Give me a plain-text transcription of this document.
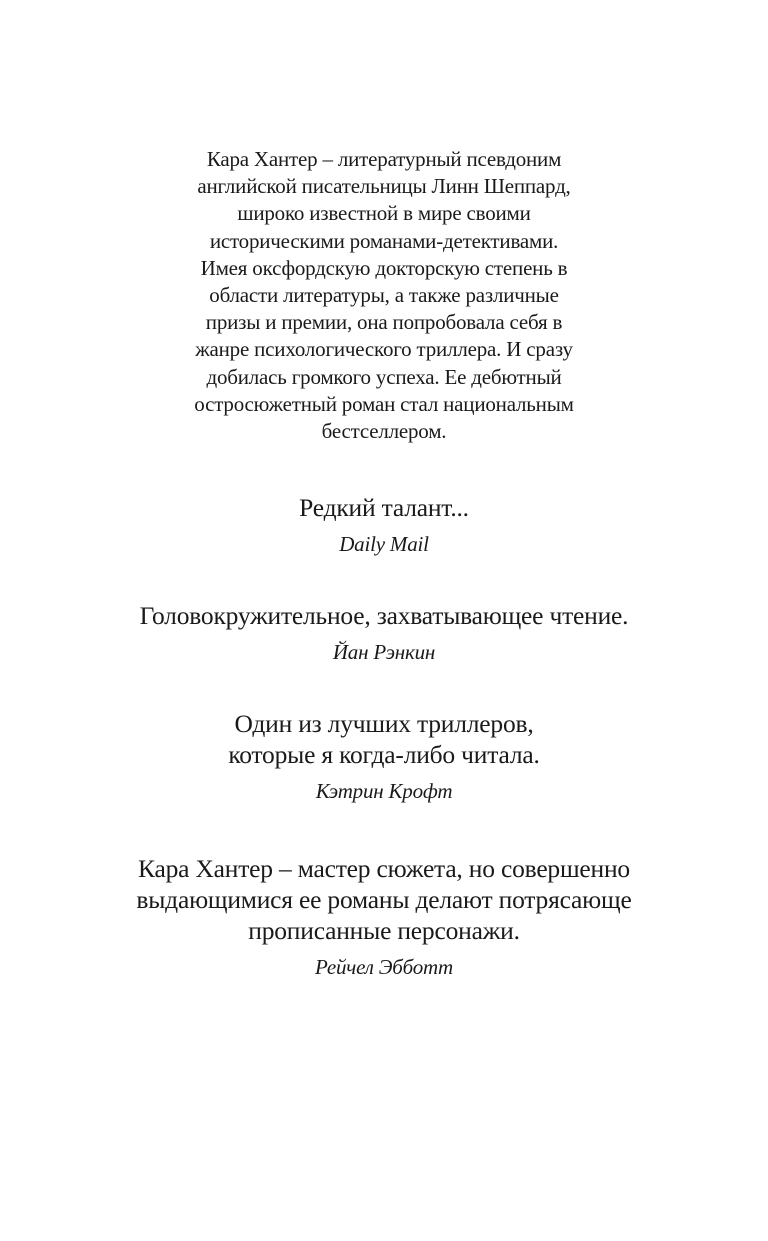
Кара Хантер – литературный псевдоним
английской писательницы Линн Шеппард,
широко известной в мире своими
историческими романами-детективами.
Имея оксфордскую докторскую степень в
области литературы, а также различные
призы и премии, она попробовала себя в
жанре психологического триллера. И сразу
добилась громкого успеха. Ее дебютный
остросюжетный роман стал национальным
бестселлером.
Редкий талант...
Daily Mail
Головокружительное, захватывающее чтение.
Йан Рэнкин
Один из лучших триллеров,
которые я когда-либо читала.
Кэтрин Крофт
Кара Хантер – мастер сюжета, но совершенно
выдающимися ее романы делают потрясающе
прописанные персонажи.
Рейчел Эбботт
